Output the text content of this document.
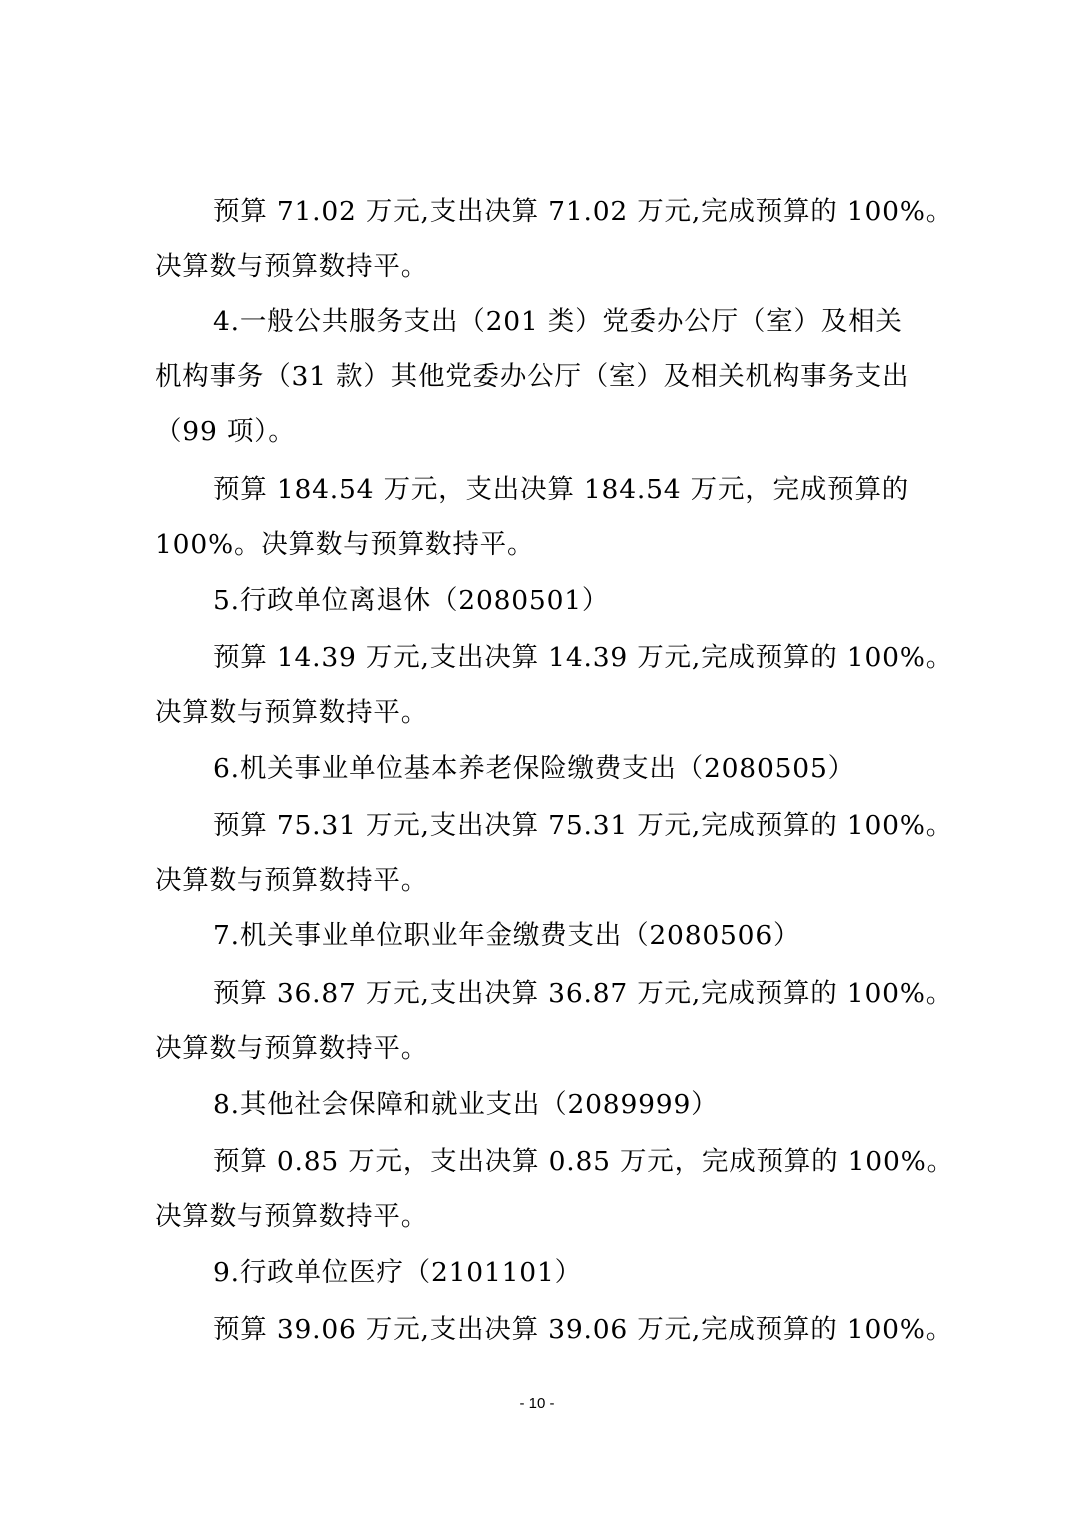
预算 71.02 万元,支出决算 71.02 万元,完成预算的 100%。
决算数与预算数持平。
4.一般公共服务支出（201 类）党委办公厅（室）及相关
机构事务（31 款）其他党委办公厅（室）及相关机构事务支出
（99 项）。
预算 184.54 万元，支出决算 184.54 万元，完成预算的
100%。决算数与预算数持平。
5.行政单位离退休（2080501）
预算 14.39 万元,支出决算 14.39 万元,完成预算的 100%。
决算数与预算数持平。
6.机关事业单位基本养老保险缴费支出（2080505）
预算 75.31 万元,支出决算 75.31 万元,完成预算的 100%。
决算数与预算数持平。
7.机关事业单位职业年金缴费支出（2080506）
预算 36.87 万元,支出决算 36.87 万元,完成预算的 100%。
决算数与预算数持平。
8.其他社会保障和就业支出（2089999）
预算 0.85 万元，支出决算 0.85 万元，完成预算的 100%。
决算数与预算数持平。
9.行政单位医疗（2101101）
预算 39.06 万元,支出决算 39.06 万元,完成预算的 100%。
- 10 -
